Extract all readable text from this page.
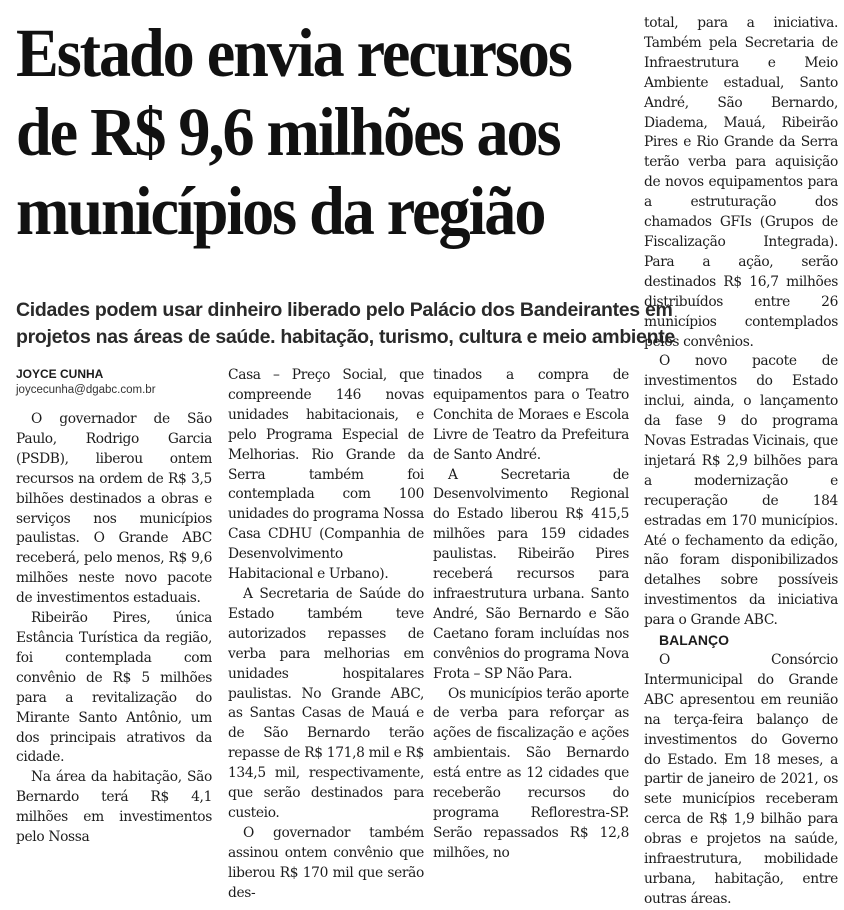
Estado envia recursos
de R$ 9,6 milhões aos
municípios da região
Cidades podem usar dinheiro liberado pelo Palácio dos Bandeirantes em
projetos nas áreas de saúde. habitação, turismo, cultura e meio ambiente
JOYCE CUNHA
joycecunha@dgabc.com.br

O governador de São Paulo, Rodrigo Garcia (PSDB), liberou ontem recursos na ordem de R$ 3,5 bilhões destinados a obras e serviços nos municípios paulistas. O Grande ABC receberá, pelo menos, R$ 9,6 milhões neste novo pacote de investimentos estaduais.

Ribeirão Pires, única Estância Turística da região, foi contemplada com convênio de R$ 5 milhões para a revitalização do Mirante Santo Antônio, um dos principais atrativos da cidade.

Na área da habitação, São Bernardo terá R$ 4,1 milhões em investimentos pelo Nossa

Casa – Preço Social, que compreende 146 novas unidades habitacionais, e pelo Programa Especial de Melhorias. Rio Grande da Serra também foi contemplada com 100 unidades do programa Nossa Casa CDHU (Companhia de Desenvolvimento Habitacional e Urbano).

A Secretaria de Saúde do Estado também teve autorizados repasses de verba para melhorias em unidades hospitalares paulistas. No Grande ABC, as Santas Casas de Mauá e de São Bernardo terão repasse de R$ 171,8 mil e R$ 134,5 mil, respectivamente, que serão destinados para custeio.

O governador também assinou ontem convênio que liberou R$ 170 mil que serão des-

tinados a compra de equipamentos para o Teatro Conchita de Moraes e Escola Livre de Teatro da Prefeitura de Santo André.

A Secretaria de Desenvolvimento Regional do Estado liberou R$ 415,5 milhões para 159 cidades paulistas. Ribeirão Pires receberá recursos para infraestrutura urbana. Santo André, São Bernardo e São Caetano foram incluídas nos convênios do programa Nova Frota – SP Não Para.

Os municípios terão aporte de verba para reforçar as ações de fiscalização e ações ambientais. São Bernardo está entre as 12 cidades que receberão recursos do programa Reflorestra-SP. Serão repassados R$ 12,8 milhões, no

total, para a iniciativa. Também pela Secretaria de Infraestrutura e Meio Ambiente estadual, Santo André, São Bernardo, Diadema, Mauá, Ribeirão Pires e Rio Grande da Serra terão verba para aquisição de novos equipamentos para a estruturação dos chamados GFIs (Grupos de Fiscalização Integrada). Para a ação, serão destinados R$ 16,7 milhões distribuídos entre 26 municípios contemplados pelos convênios.

O novo pacote de investimentos do Estado inclui, ainda, o lançamento da fase 9 do programa Novas Estradas Vicinais, que injetará R$ 2,9 bilhões para a modernização e recuperação de 184 estradas em 170 municípios. Até o fechamento da edição, não foram disponibilizados detalhes sobre possíveis investimentos da iniciativa para o Grande ABC.

BALANÇO

O Consórcio Intermunicipal do Grande ABC apresentou em reunião na terça-feira balanço de investimentos do Governo do Estado. Em 18 meses, a partir de janeiro de 2021, os sete municípios receberam cerca de R$ 1,9 bilhão para obras e projetos na saúde, infraestrutura, mobilidade urbana, habitação, entre outras áreas.
